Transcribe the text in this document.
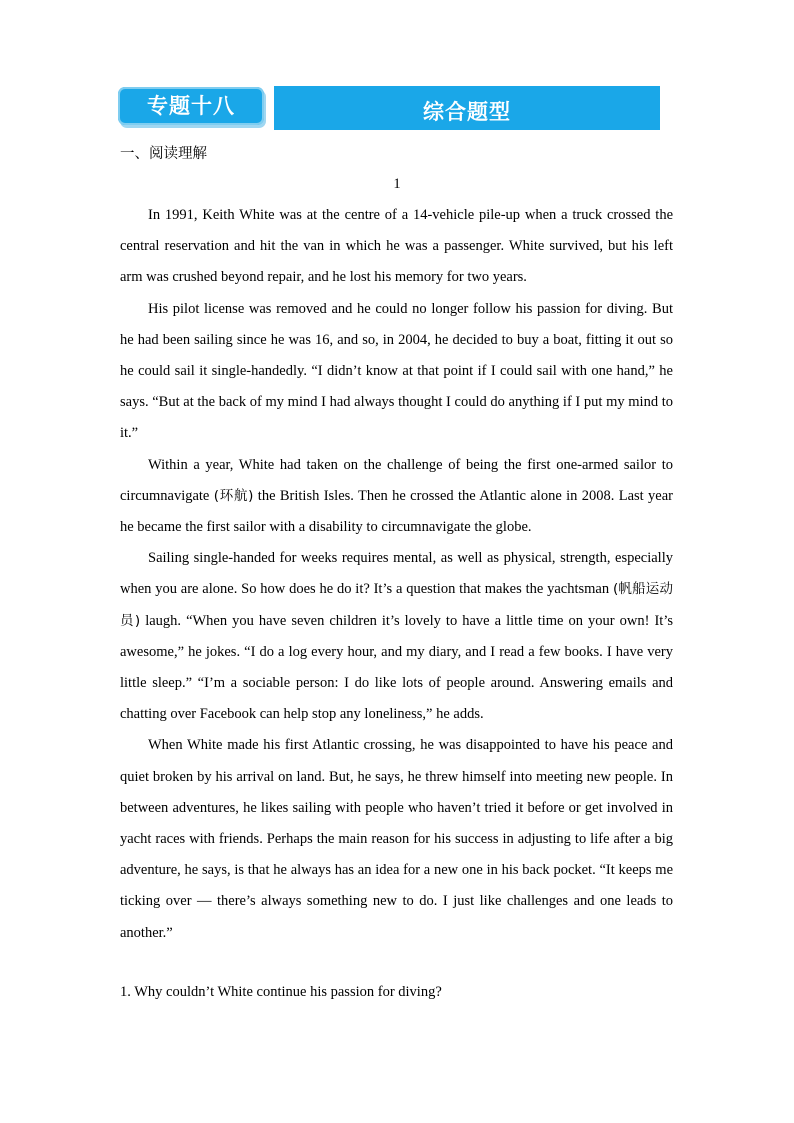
专题十八	综合题型
一、阅读理解
1

In 1991, Keith White was at the centre of a 14-vehicle pile-up when a truck crossed the central reservation and hit the van in which he was a passenger. White survived, but his left arm was crushed beyond repair, and he lost his memory for two years.

His pilot license was removed and he could no longer follow his passion for diving. But he had been sailing since he was 16, and so, in 2004, he decided to buy a boat, fitting it out so he could sail it single-handedly. “I didn’t know at that point if I could sail with one hand,” he says. “But at the back of my mind I had always thought I could do anything if I put my mind to it.”

Within a year, White had taken on the challenge of being the first one-armed sailor to circumnavigate (环航) the British Isles. Then he crossed the Atlantic alone in 2008. Last year he became the first sailor with a disability to circumnavigate the globe.

Sailing single-handed for weeks requires mental, as well as physical, strength, especially when you are alone. So how does he do it? It’s a question that makes the yachtsman (帆船运动员) laugh. “When you have seven children it’s lovely to have a little time on your own! It’s awesome,” he jokes. “I do a log every hour, and my diary, and I read a few books. I have very little sleep.” “I’m a sociable person: I do like lots of people around. Answering emails and chatting over Facebook can help stop any loneliness,” he adds.

When White made his first Atlantic crossing, he was disappointed to have his peace and quiet broken by his arrival on land. But, he says, he threw himself into meeting new people. In between adventures, he likes sailing with people who haven’t tried it before or get involved in yacht races with friends. Perhaps the main reason for his success in adjusting to life after a big adventure, he says, is that he always has an idea for a new one in his back pocket. “It keeps me ticking over — there’s always something new to do. I just like challenges and one leads to another.”

1. Why couldn’t White continue his passion for diving?
